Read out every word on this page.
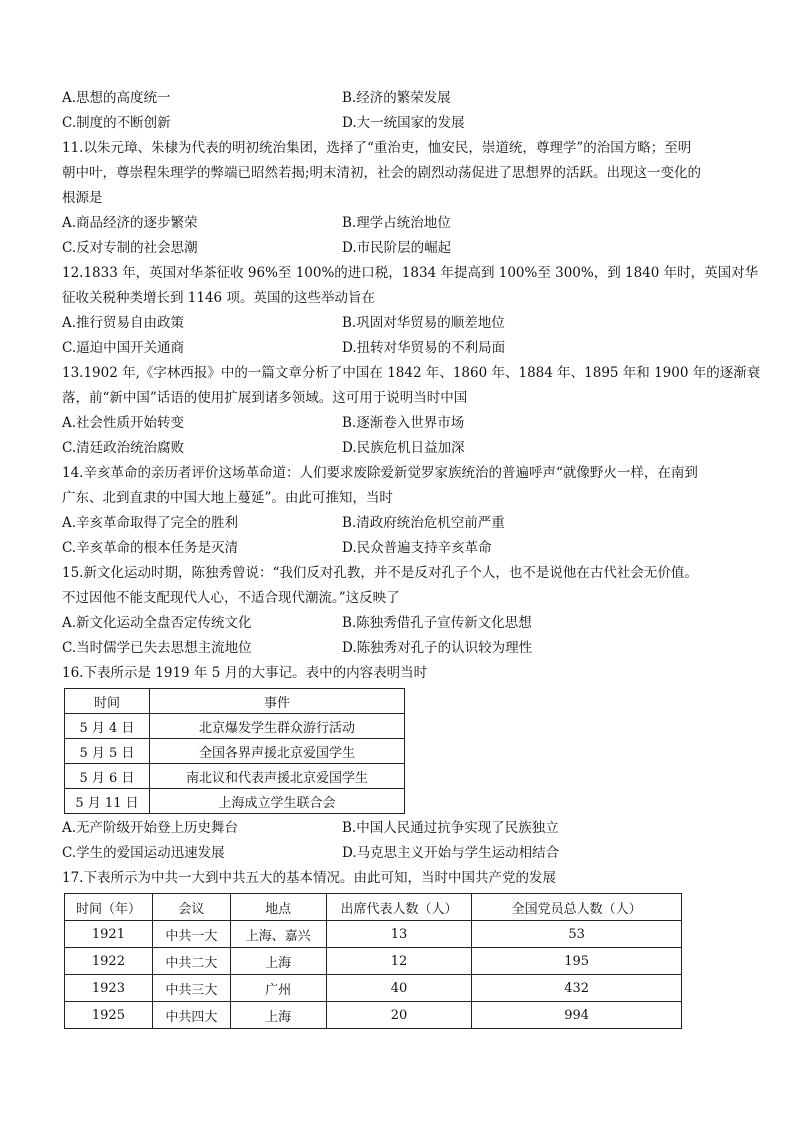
A.思想的高度统一	B.经济的繁荣发展
C.制度的不断创新	D.大一统国家的发展
11.以朱元璋、朱棣为代表的明初统治集团，选择了“重治吏，恤安民，崇道统，尊理学”的治国方略；至明
朝中叶，尊崇程朱理学的弊端已昭然若揭;明末清初，社会的剧烈动荡促进了思想界的活跃。出现这一变化的
根源是
A.商品经济的逐步繁荣	B.理学占统治地位
C.反对专制的社会思潮	D.市民阶层的崛起
12.1833 年，英国对华茶征收 96%至 100%的进口税，1834 年提高到 100%至 300%，到 1840 年时，英国对华
征收关税种类增长到 1146 项。英国的这些举动旨在
A.推行贸易自由政策	B.巩固对华贸易的顺差地位
C.逼迫中国开关通商	D.扭转对华贸易的不利局面
13.1902 年,《字林西报》中的一篇文章分析了中国在 1842 年、1860 年、1884 年、1895 年和 1900 年的逐渐衰
落，前“新中国”话语的使用扩展到诸多领域。这可用于说明当时中国
A.社会性质开始转变	B.逐渐卷入世界市场
C.清廷政治统治腐败	D.民族危机日益加深
14.辛亥革命的亲历者评价这场革命道：人们要求废除爱新觉罗家族统治的普遍呼声“就像野火一样，在南到
广东、北到直隶的中国大地上蔓延”。由此可推知，当时
A.辛亥革命取得了完全的胜利	B.清政府统治危机空前严重
C.辛亥革命的根本任务是灭清	D.民众普遍支持辛亥革命
15.新文化运动时期，陈独秀曾说：“我们反对孔教，并不是反对孔子个人，也不是说他在古代社会无价值。
不过因他不能支配现代人心，不适合现代潮流。”这反映了
A.新文化运动全盘否定传统文化	B.陈独秀借孔子宣传新文化思想
C.当时儒学已失去思想主流地位	D.陈独秀对孔子的认识较为理性
16.下表所示是 1919 年 5 月的大事记。表中的内容表明当时
时间	事件
5 月 4 日	北京爆发学生群众游行活动
5 月 5 日	全国各界声援北京爱国学生
5 月 6 日	南北议和代表声援北京爱国学生
5 月 11 日	上海成立学生联合会
A.无产阶级开始登上历史舞台	B.中国人民通过抗争实现了民族独立
C.学生的爱国运动迅速发展	D.马克思主义开始与学生运动相结合
17.下表所示为中共一大到中共五大的基本情况。由此可知，当时中国共产党的发展
时间（年）	会议	地点	出席代表人数（人）	全国党员总人数（人）
1921	中共一大	上海、嘉兴	13	53
1922	中共二大	上海	12	195
1923	中共三大	广州	40	432
1925	中共四大	上海	20	994
